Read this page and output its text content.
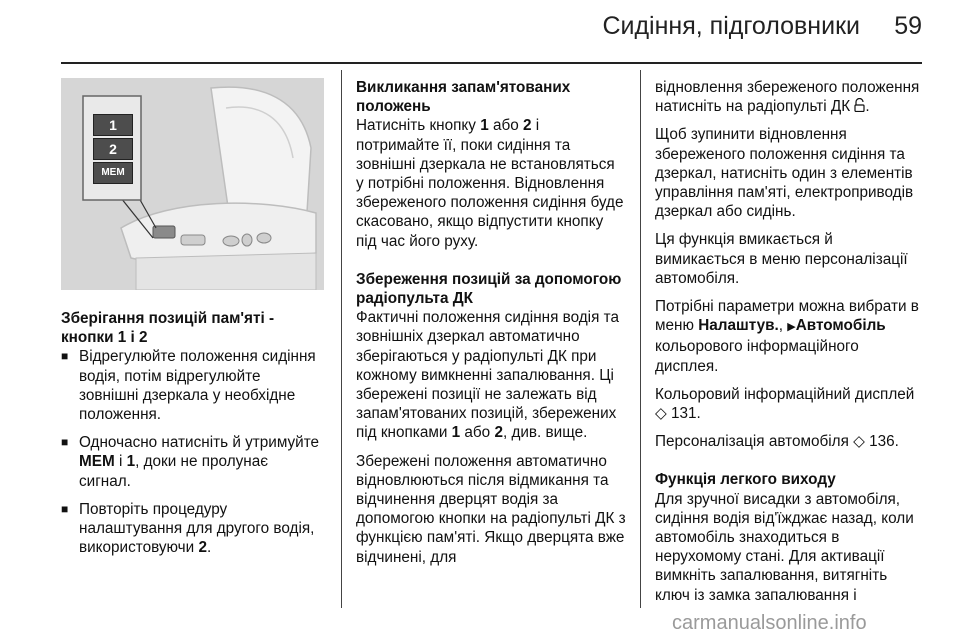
Сидіння, підголовники 59
1
2
MEM
Зберігання позицій пам'яті - кнопки 1 і 2
■ Відрегулюйте положення сидіння водія, потім відрегулюйте зовнішні дзеркала у необхідне положення.
■ Одночасно натисніть й утримуйте MEM і 1, доки не пролунає сигнал.
■ Повторіть процедуру налаштування для другого водія, використовуючи 2.
Викликання запам'ятованих положень

Натисніть кнопку 1 або 2 і потримайте її, поки сидіння та зовнішні дзеркала не встановляться у потрібні положення. Відновлення збереженого положення сидіння буде скасовано, якщо відпустити кнопку під час його руху.

Збереження позицій за допомогою радіопульта ДК

Фактичні положення сидіння водія та зовнішніх дзеркал автоматично зберігаються у радіопульті ДК при кожному вимкненні запалювання. Ці збережені позиції не залежать від запам'ятованих позицій, збережених під кнопками 1 або 2, див. вище.

Збережені положення автоматично відновлюються після відмикання та відчинення дверцят водія за допомогою кнопки на радіопульті ДК з функцією пам'яті. Якщо дверцята вже відчинені, для

відновлення збереженого положення натисніть на радіопульті ДК .

Щоб зупинити відновлення збереженого положення сидіння та дзеркал, натисніть один з елементів управління пам'яті, електроприводів дзеркал або сидінь.

Ця функція вмикається й вимикається в меню персоналізації автомобіля.

Потрібні параметри можна вибрати в меню Налаштув., ▶Автомобіль кольорового інформаційного дисплея.

Кольоровий інформаційний дисплей ◇ 131.

Персоналізація автомобіля ◇ 136.

Функція легкого виходу

Для зручної висадки з автомобіля, сидіння водія від'їжджає назад, коли автомобіль знаходиться в нерухомому стані. Для активації вимкніть запалювання, витягніть ключ із замка запалювання і

carmanualsonline.info
